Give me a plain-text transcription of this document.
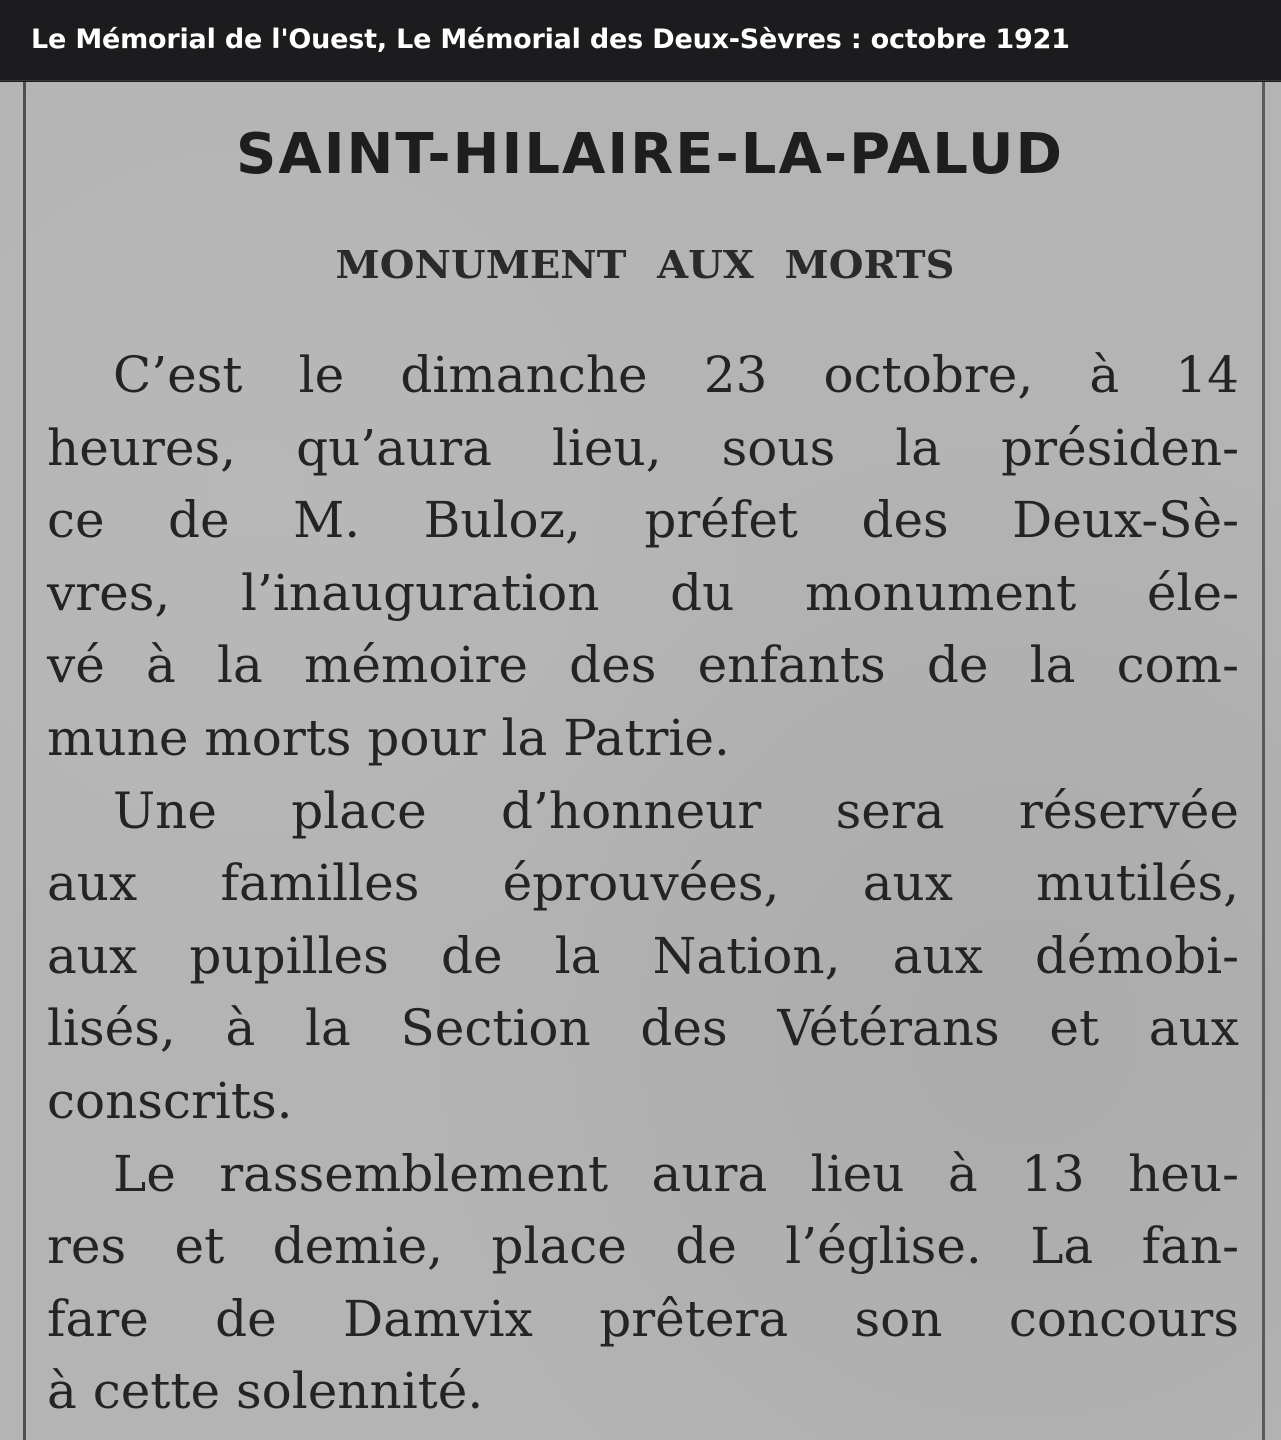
Le Mémorial de l'Ouest, Le Mémorial des Deux-Sèvres : octobre 1921
SAINT-HILAIRE-LA-PALUD
MONUMENT AUX MORTS
C’est le dimanche 23 octobre, à 14
heures, qu’aura lieu, sous la présiden-
ce de M. Buloz, préfet des Deux-Sè-
vres, l’inauguration du monument éle-
vé à la mémoire des enfants de la com-
mune morts pour la Patrie.
Une place d’honneur sera réservée
aux familles éprouvées, aux mutilés,
aux pupilles de la Nation, aux démobi-
lisés, à la Section des Vétérans et aux
conscrits.
Le rassemblement aura lieu à 13 heu-
res et demie, place de l’église. La fan-
fare de Damvix prêtera son concours
à cette solennité.
